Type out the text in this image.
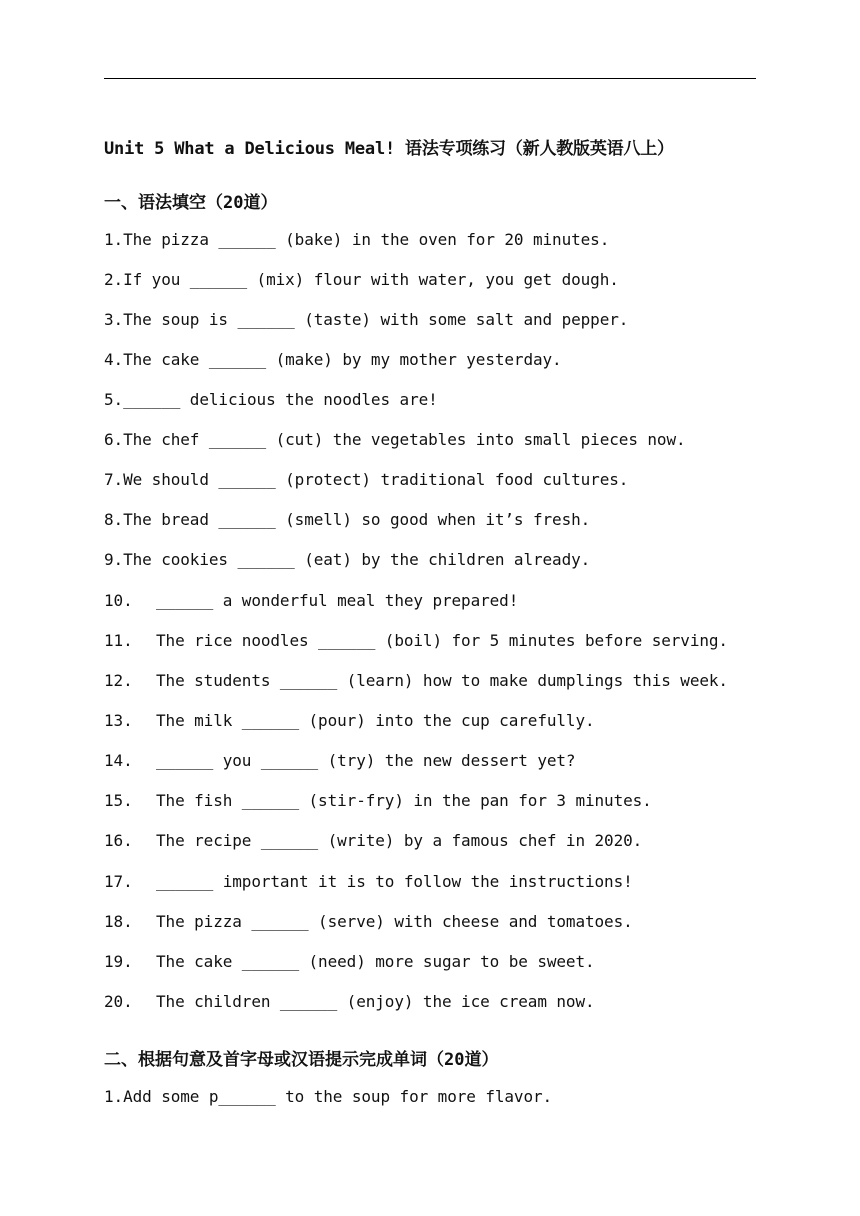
Unit 5 What a Delicious Meal! 语法专项练习（新人教版英语八上）
一、语法填空（20道）
1.The pizza ______ (bake) in the oven for 20 minutes.
2.If you ______ (mix) flour with water, you get dough.
3.The soup is ______ (taste) with some salt and pepper.
4.The cake ______ (make) by my mother yesterday.
5.______ delicious the noodles are!
6.The chef ______ (cut) the vegetables into small pieces now.
7.We should ______ (protect) traditional food cultures.
8.The bread ______ (smell) so good when it’s fresh.
9.The cookies ______ (eat) by the children already.
10. ______ a wonderful meal they prepared!
11. The rice noodles ______ (boil) for 5 minutes before serving.
12. The students ______ (learn) how to make dumplings this week.
13. The milk ______ (pour) into the cup carefully.
14. ______ you ______ (try) the new dessert yet?
15. The fish ______ (stir-fry) in the pan for 3 minutes.
16. The recipe ______ (write) by a famous chef in 2020.
17. ______ important it is to follow the instructions!
18. The pizza ______ (serve) with cheese and tomatoes.
19. The cake ______ (need) more sugar to be sweet.
20. The children ______ (enjoy) the ice cream now.
二、根据句意及首字母或汉语提示完成单词（20道）
1.Add some p______ to the soup for more flavor.
